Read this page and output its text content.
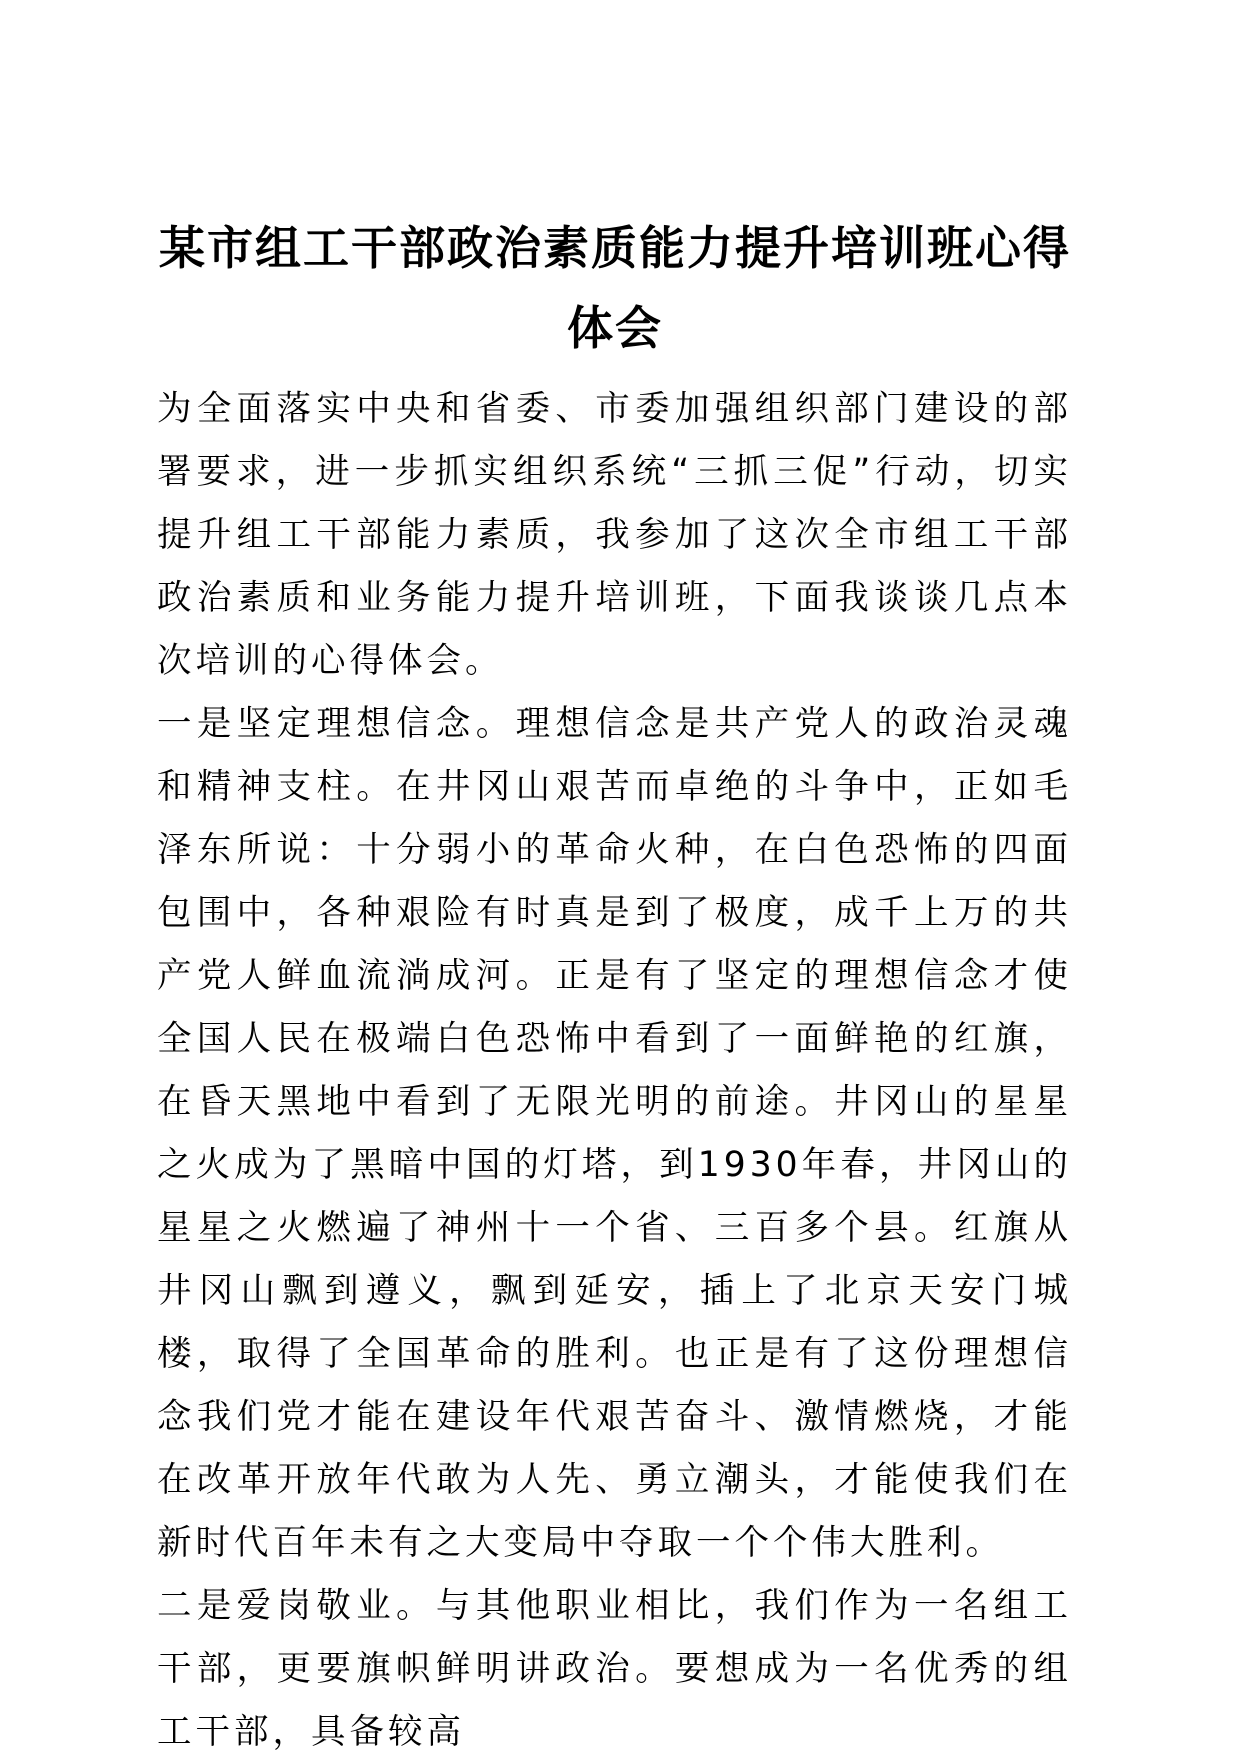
某市组工干部政治素质能力提升培训班心得体会

为全面落实中央和省委、市委加强组织部门建设的部署要求，进一步抓实组织系统“三抓三促”行动，切实提升组工干部能力素质，我参加了这次全市组工干部政治素质和业务能力提升培训班，下面我谈谈几点本次培训的心得体会。

一是坚定理想信念。理想信念是共产党人的政治灵魂和精神支柱。在井冈山艰苦而卓绝的斗争中，正如毛泽东所说：十分弱小的革命火种，在白色恐怖的四面包围中，各种艰险有时真是到了极度，成千上万的共产党人鲜血流淌成河。正是有了坚定的理想信念才使全国人民在极端白色恐怖中看到了一面鲜艳的红旗，在昏天黑地中看到了无限光明的前途。井冈山的星星之火成为了黑暗中国的灯塔，到1930年春，井冈山的星星之火燃遍了神州十一个省、三百多个县。红旗从井冈山飘到遵义，飘到延安，插上了北京天安门城楼，取得了全国革命的胜利。也正是有了这份理想信念我们党才能在建设年代艰苦奋斗、激情燃烧，才能在改革开放年代敢为人先、勇立潮头，才能使我们在新时代百年未有之大变局中夺取一个个伟大胜利。

二是爱岗敬业。与其他职业相比，我们作为一名组工干部，更要旗帜鲜明讲政治。要想成为一名优秀的组工干部，具备较高
